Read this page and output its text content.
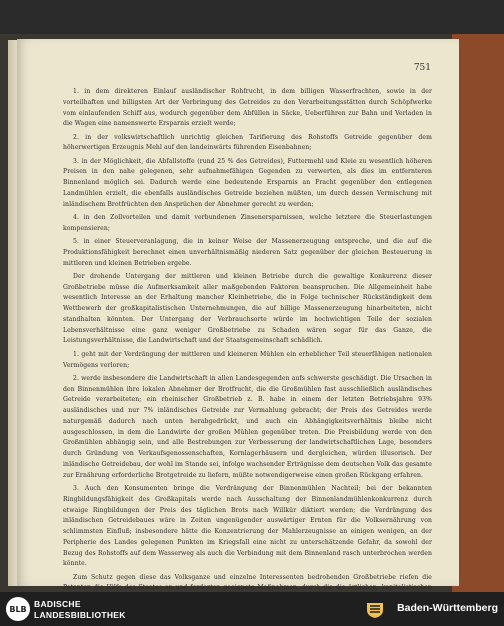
751

1. in dem direkteren Einlauf ausländischer Rohfrucht, in dem billigen Wasserfrachten, sowie in der vorteilhaften und billigsten Art der Verbringung des Getreides zu den Verarbeitungsstätten durch Schöpfwerke vom einlaufenden Schiff aus, wodurch gegenüber dem Abfüllen in Säcke, Ueberführen zur Bahn und Verladen in die Wagen eine namenswerte Ersparnis erzielt werde;

2. in der volkswirtschaftlich unrichtig gleichen Tarifierung des Rohstoffs Getreide gegenüber dem höherwertigen Erzeugnis Mehl auf den landeinwärts führenden Eisenbahnen;

3. in der Möglichkeit, die Abfallstoffe (rund 25 % des Getreides), Futtermehl und Kleie zu wesentlich höheren Preisen in den nahe gelegenen, sehr aufnahmefähigen Gegenden zu verwerten, als dies im entfernteren Binnenland möglich sei. Dadurch werde eine bedeutende Ersparnis an Fracht gegenüber den entlegenen Landmühlen erzielt, die ebenfalls ausländisches Getreide beziehen müßten, um durch dessen Vermischung mit inländischem Brotfrüchten den Ansprüchen der Abnehmer gerecht zu werden;

4. in den Zollvorteilen und damit verbundenen Zinsenersparnissen, welche letztere die Steuerlastungen kompensieren;

5. in einer Steuerveranlagung, die in keiner Weise der Massenerzeugung entspreche, und die auf die Produktionsfähigkeit berechnet einen unverhältnismäßig niederen Satz gegenüber der gleichen Besteuerung in mittleren und kleinen Betrieben ergebe.

Der drohende Untergang der mittleren und kleinen Betriebe durch die gewaltige Konkurrenz dieser Großbetriebe müsse die Aufmerksamkeit aller maßgebenden Faktoren beanspruchen. Die Allgemeinheit habe wesentlich Interesse an der Erhaltung mancher Kleinbetriebe, die in Folge technischer Rückständigkeit dem Wettbewerb der großkapitalistischen Unternehmungen, die auf billige Massenerzeugung hinarbeiteten, nicht standhalten könnten. Der Untergang der Verbrauchsorte würde im hochwichtigen Teile der sozialen Lebensverhältnisse eine ganz weniger Großbetriebe zu Schaden wären sogar für das Ganze, die Leistungsverhältnisse, die Landwirtschaft und der Staatsgemeinschaft schädlich.

1. geht mit der Verdrängung der mittleren und kleineren Mühlen ein erheblicher Teil steuerfähigen nationalen Vermögens verloren;

2. werde insbesondere die Landwirtschaft in allen Landesgegenden aufs schwerste geschädigt. Die Ursachen in den Binnenmühlen ihre lokalen Abnehmer der Brotfrucht, die die Großmühlen fast ausschließlich ausländisches Getreide verarbeiteten; ein rheinischer Großbetrieb z. B. habe in einem der letzten Betriebsjahre 93% ausländisches und nur 7% inländisches Getreide zur Vermahlung gebracht; der Preis des Getreides werde naturgemäß dadurch nach unten herabgedrückt, und auch ein Abhängigkeitsverhältnis bleibe nicht ausgeschlossen, in dem die Landwirte der großen Mühlen gegenüber treten. Die Preisbildung werde von den Großmühlen abhängig sein, und alle Bestrebungen zur Verbesserung der landwirtschaftlichen Lage, besonders durch Gründung von Verkaufsgenossenschaften, Kornlagerhäusern und dergleichen, würden illusorisch. Der inländische Getreidebau, der wohl im Stande sei, infolge wachsender Erträgnisse dem deutschen Volk das gesamte zur Ernährung erforderliche Brotgetreide zu liefern, müßte notwendigerweise einen großen Rückgang erfahren.

3. Auch den Konsumenten bringe die Verdrängung der Binnenmühlen Nachteil; bei der bekannten Ringbildungsfähigkeit des Großkapitals werde nach Ausschaltung der Binnenlandmühlenkonkurrenz durch etwaige Ringbildungen der Preis des täglichen Brots nach Willkür diktiert werden; die Verdrängung des inländischen Getreidebaues wäre in Zeiten ungenügender auswärtiger Ernten für die Volksernährung von schlimmsten Einfluß; insbesondere hätte die Konzentrierung der Mahlerzeugnisse an einigen wenigen, an der Peripherie des Landes gelegenen Punkten im Kriegsfall eine nicht zu unterschätzende Gefahr, da sowohl der Bezug des Rohstoffs auf dem Wasserweg als auch die Verbindung mit dem Binnenland rasch unterbrochen werden könnte.

Zum Schutz gegen diese das Volksganze und einzelne Interessenten bedrohenden Großbetriebe riefen die Petenten die Hilfe des Staates an und forderten geeignete Maßnahmen, durch die die örtlichen, kapitalistischen

BLB BADISCHE
LANDESBIBLIOTHEK
Baden-Württemberg
